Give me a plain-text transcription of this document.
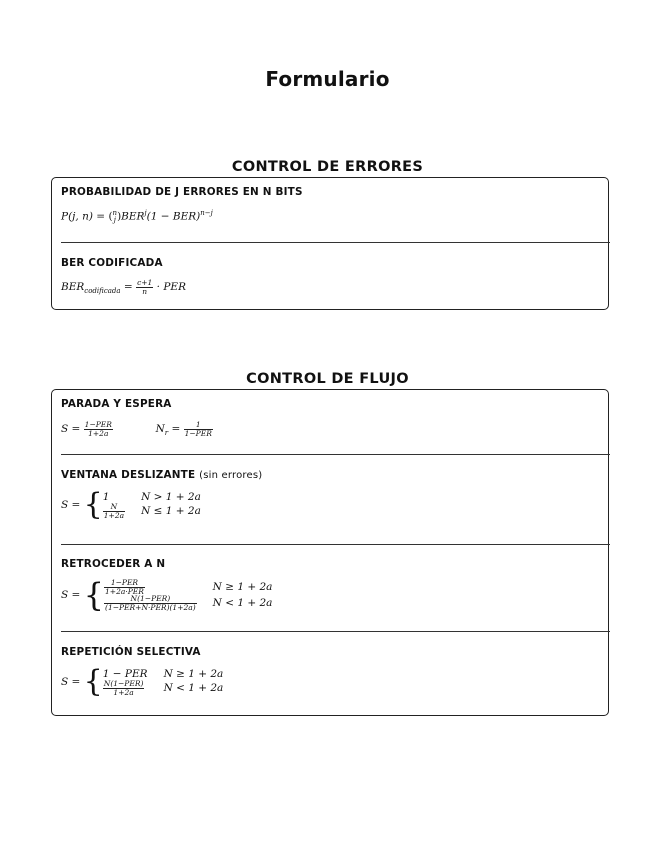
Formulario
CONTROL DE ERRORES
PROBABILIDAD DE J ERRORES EN N BITS
P(j, n) = ( n
j )$BER^j(1 - BER)^{n-j}$
BER CODIFICADA
$BER_{codificada} = \frac{c+1}{n}$ · PER
CONTROL DE FLUJO
PARADA Y ESPERA
$S = \frac{\text{1−PER}}{1+2a}$	$N_r = \frac{1}{\text{1−PER}}$
VENTANA DESLIZANTE (sin errores)
S = { 1	N > 1 + 2a

$\frac{N}{1+2a}$	N ≤ 1 + 2a
RETROCEDER A N
S = { $\frac{\text{1−PER}}{\text{1+2a·PER}}$	N ≥ 1 + 2a

$\frac{\text{N(1−PER)}}{\text{(1−PER+N·PER)(1+2a)}}$	N < 1 + 2a
REPETICIÓN SELECTIVA
S = { 1 − PER	N ≥ 1 + 2a

$\frac{\text{N(1−PER)}}{1+2a}$	N < 1 + 2a
